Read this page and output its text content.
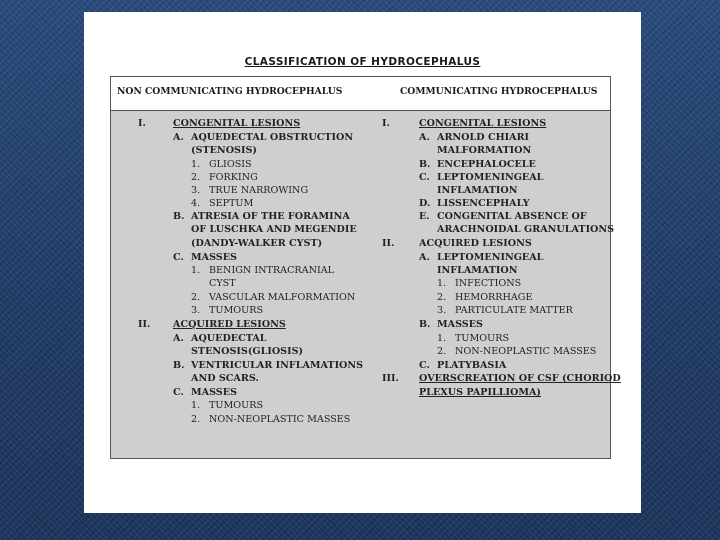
CLASSIFICATION OF HYDROCEPHALUS
NON COMMUNICATING HYDROCEPHALUS	COMMUNICATING HYDROCEPHALUS
I.	CONGENITAL LESIONS
A. AQUEDECTAL OBSTRUCTION
(STENOSIS)
1. GLIOSIS
2. FORKING
3. TRUE NARROWING
4. SEPTUM
B. ATRESIA OF THE FORAMINA
OF LUSCHKA AND MEGENDIE
(DANDY-WALKER CYST)
C. MASSES
1. BENIGN INTRACRANIAL
CYST
2. VASCULAR MALFORMATION
3. TUMOURS
II. ACQUIRED LESIONS
A. AQUEDECTAL
STENOSIS(GLIOSIS)
B. VENTRICULAR INFLAMATIONS
AND SCARS.
C. MASSES
1. TUMOURS
2. NON-NEOPLASTIC MASSES
I.	CONGENITAL LESIONS
A. ARNOLD CHIARI
MALFORMATION
B. ENCEPHALOCELE
C. LEPTOMENINGEAL
INFLAMATION
D. LISSENCEPHALY
E. CONGENITAL ABSENCE OF
ARACHNOIDAL GRANULATIONS
II.	ACQUIRED LESIONS
A. LEPTOMENINGEAL
INFLAMATION
1. INFECTIONS
2. HEMORRHAGE
3. PARTICULATE MATTER
B. MASSES
1. TUMOURS
2. NON-NEOPLASTIC MASSES
C. PLATYBASIA
III. OVERSCREATION OF CSF (CHORIOD
PLEXUS PAPILLIOMA)
